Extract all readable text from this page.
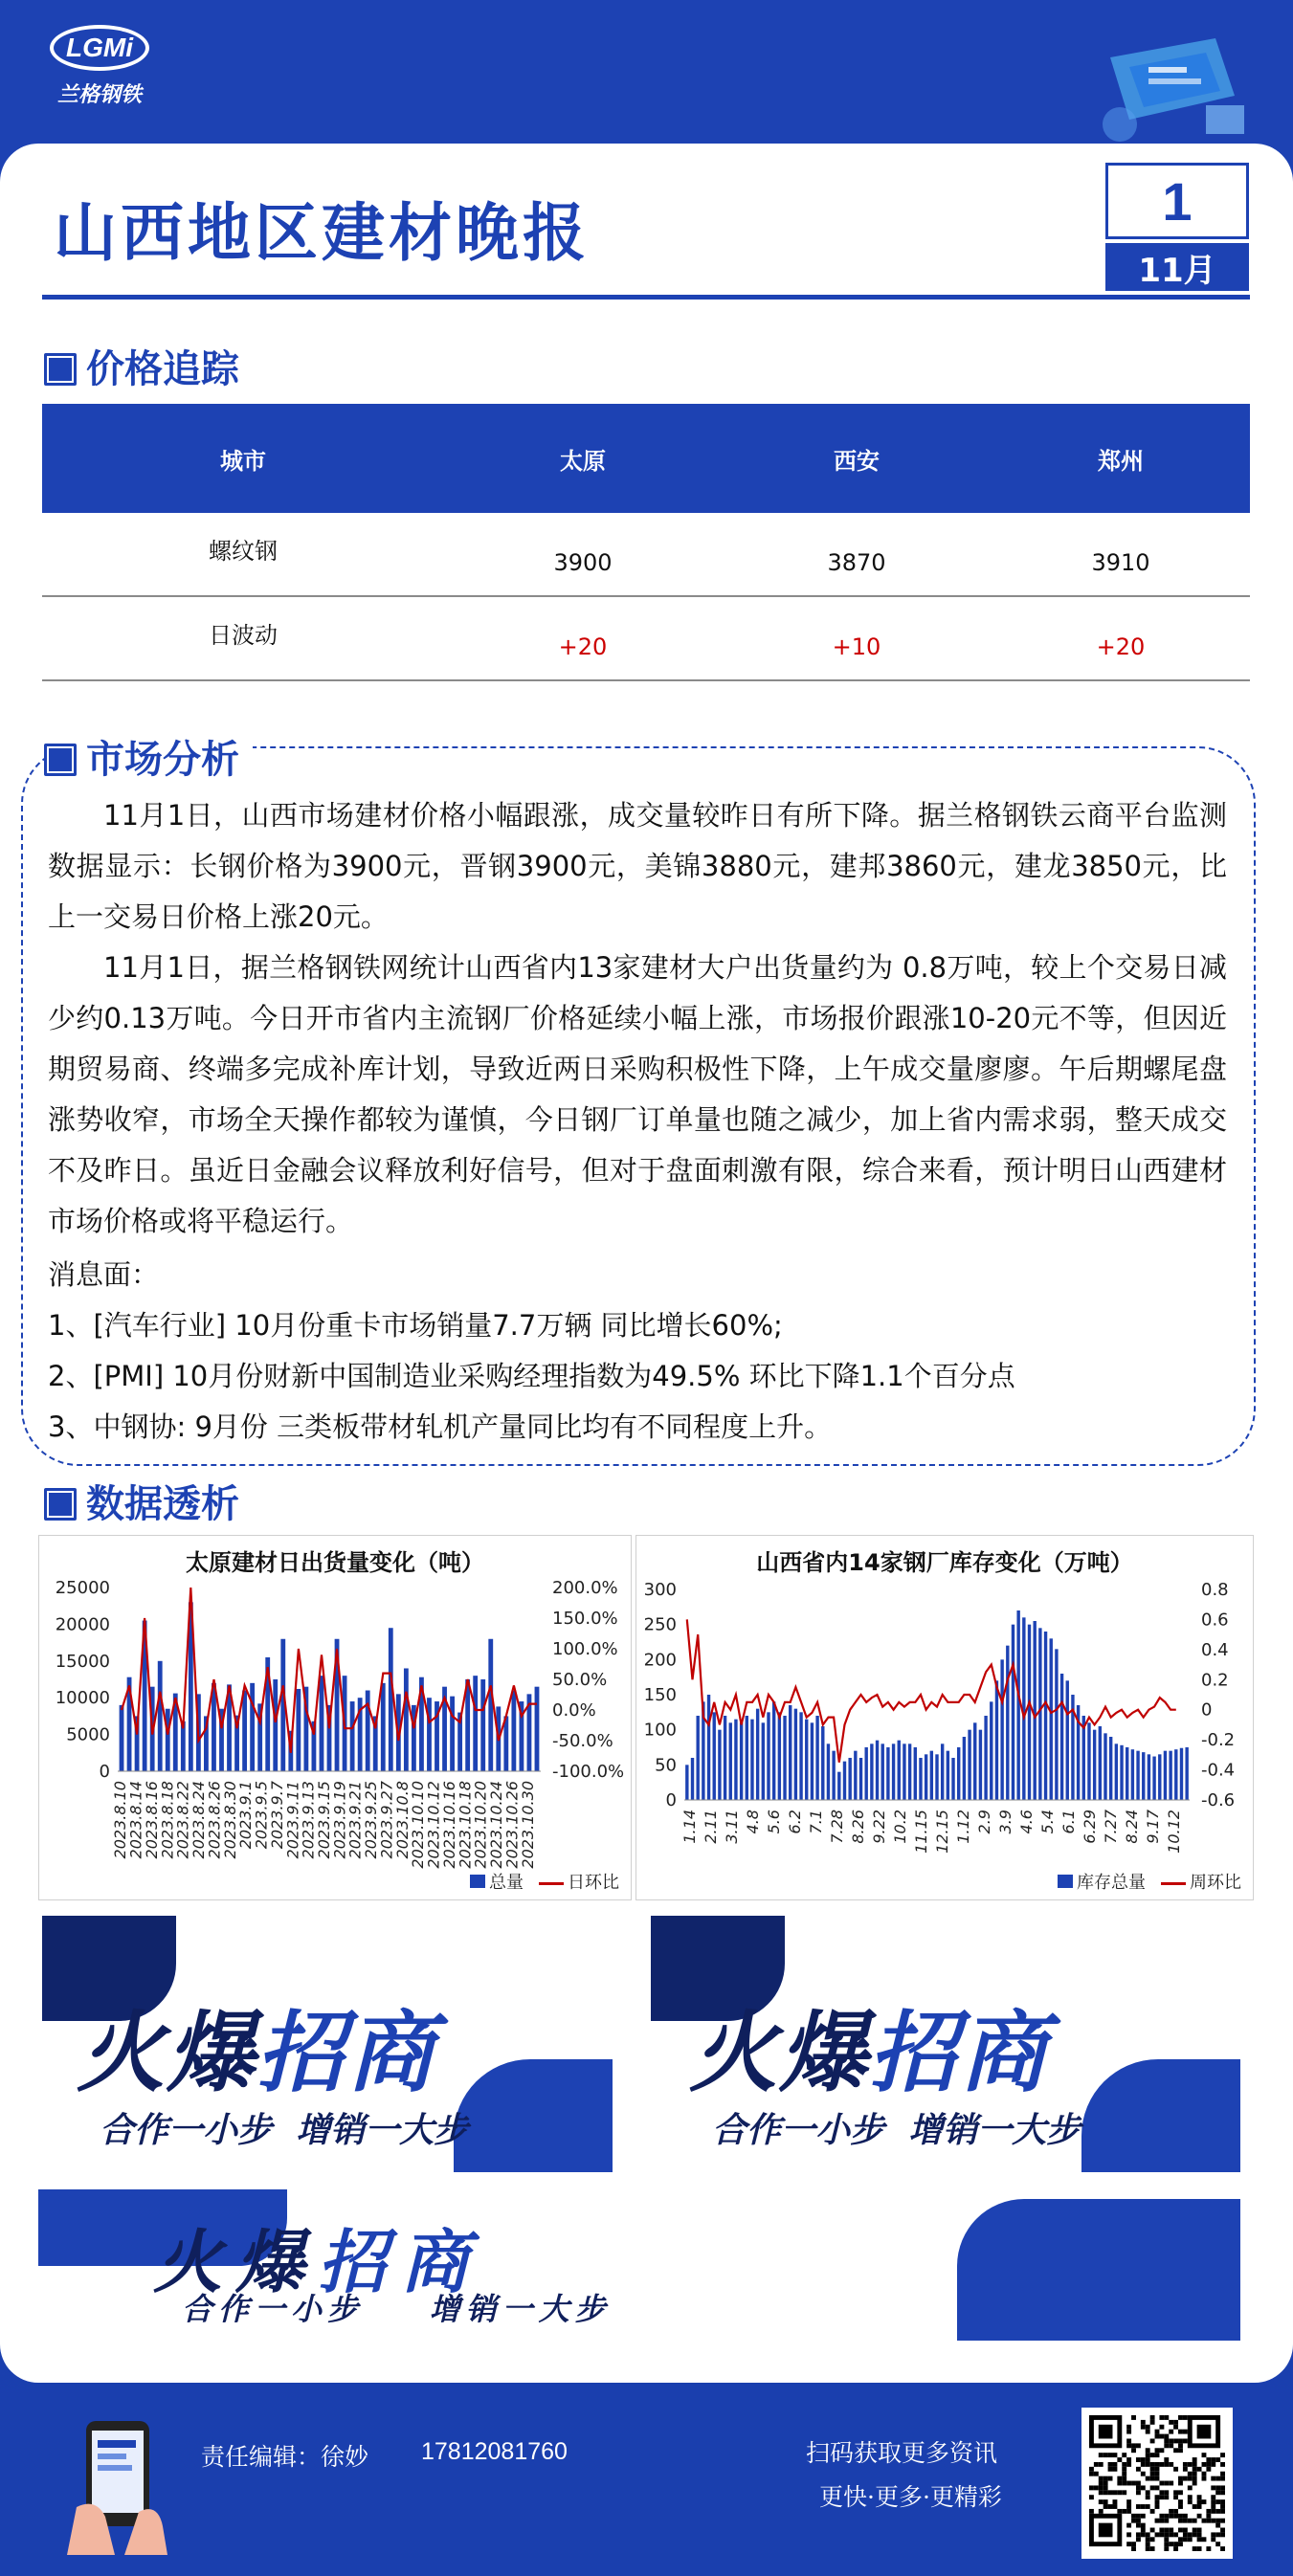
LGMi
兰格钢铁
山西地区建材晚报	1
11月
价格追踪
城市	太原	西安	郑州
螺纹钢	3900	3870	3910
日波动	+20	+10	+20
市场分析

11月1日，山西市场建材价格小幅跟涨，成交量较昨日有所下降。据兰格钢铁云商平台监测数据显示：长钢价格为3900元，晋钢3900元，美锦3880元，建邦3860元，建龙3850元，比上一交易日价格上涨20元。

11月1日，据兰格钢铁网统计山西省内13家建材大户出货量约为 0.8万吨，较上个交易日减少约0.13万吨。今日开市省内主流钢厂价格延续小幅上涨，市场报价跟涨10-20元不等，但因近期贸易商、终端多完成补库计划，导致近两日采购积极性下降，上午成交量廖廖。午后期螺尾盘涨势收窄，市场全天操作都较为谨慎，今日钢厂订单量也随之减少，加上省内需求弱，整天成交不及昨日。虽近日金融会议释放利好信号，但对于盘面刺激有限，综合来看，预计明日山西建材市场价格或将平稳运行。

消息面：
1、[汽车行业] 10月份重卡市场销量7.7万辆 同比增长60%;
2、[PMI] 10月份财新中国制造业采购经理指数为49.5% 环比下降1.1个百分点
3、中钢协: 9月份 三类板带材轧机产量同比均有不同程度上升。
数据透析
太原建材日出货量变化（吨）
0
5000
10000
15000
20000
25000
-100.0%
-50.0%
0.0%
50.0%
100.0%
150.0%
200.0%
2023.8.10
2023.8.14
2023.8.16
2023.8.18
2023.8.22
2023.8.24
2023.8.26
2023.8.30
2023.9.1
2023.9.5
2023.9.7
2023.9.11
2023.9.13
2023.9.15
2023.9.19
2023.9.21
2023.9.25
2023.9.27
2023.10.8
2023.10.10
2023.10.12
2023.10.16
2023.10.18
2023.10.20
2023.10.24
2023.10.26
2023.10.30
总量	日环比
山西省内14家钢厂库存变化（万吨）
0
50
100
150
200
250
300
-0.6
-0.4
-0.2
0
0.2
0.4
0.6
0.8
1.14 2.11 3.11 4.8 5.6 6.2 7.1 7.28 8.26 9.22 10.2 11.15 12.15 1.12 2.9 3.9 4.6 5.4 6.1 6.29 7.27 8.24 9.17 10.12
库存总量	周环比
火爆招商
合作一小步 增销一大步
火爆招商
合作一小步 增销一大步
火爆招商
合作一小步 增销一大步
责任编辑：徐妙 17812081760	扫码获取更多资讯
更快·更多·更精彩
